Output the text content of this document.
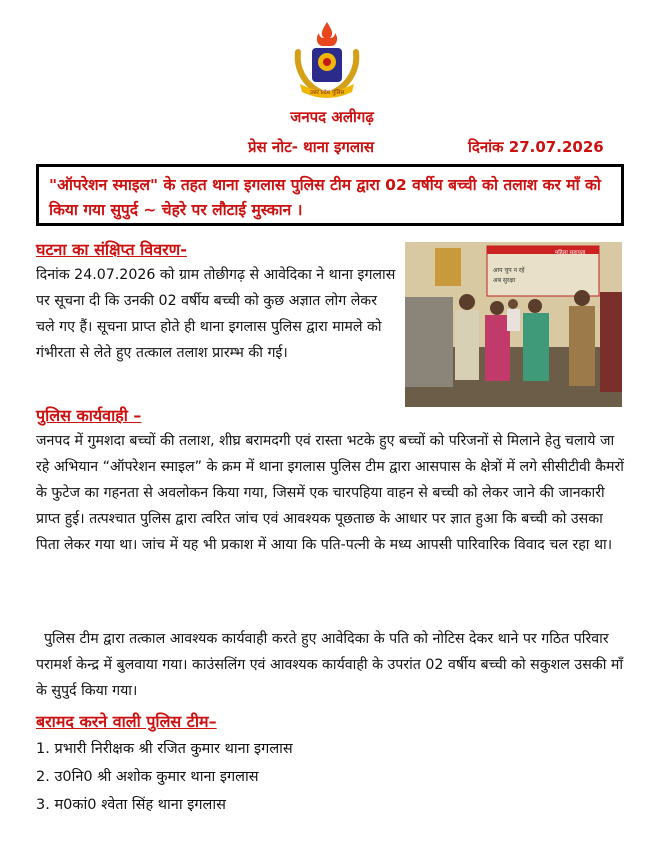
उत्तर प्रदेश पुलिस
जनपद अलीगढ़
प्रेस नोट- थाना इगलास	दिनांक 27.07.2026
"ऑपरेशन स्माइल" के तहत थाना इगलास पुलिस टीम द्वारा 02 वर्षीय बच्ची को तलाश कर माँ को किया गया सुपुर्द ~ चेहरे पर लौटाई मुस्कान ।
घटना का संक्षिप्त विवरण-
दिनांक 24.07.2026 को ग्राम तोछीगढ़ से आवेदिका ने थाना इगलास पर सूचना दी कि उनकी 02 वर्षीय बच्ची को कुछ अज्ञात लोग लेकर चले गए हैं। सूचना प्राप्त होते ही थाना इगलास पुलिस द्वारा मामले को गंभीरता से लेते हुए तत्काल तलाश प्रारम्भ की गई।
आप चुप न रहें
अब सुरक्षा
महिला सहायता
पुलिस कार्यवाही –
जनपद में गुमशदा बच्चों की तलाश, शीघ्र बरामदगी एवं रास्ता भटके हुए बच्चों को परिजनों से मिलाने हेतु चलाये जा रहे अभियान “ऑपरेशन स्माइल” के क्रम में थाना इगलास पुलिस टीम द्वारा आसपास के क्षेत्रों में लगे सीसीटीवी कैमरों के फुटेज का गहनता से अवलोकन किया गया, जिसमें एक चारपहिया वाहन से बच्ची को लेकर जाने की जानकारी प्राप्त हुई। तत्पश्चात पुलिस द्वारा त्वरित जांच एवं आवश्यक पूछताछ के आधार पर ज्ञात हुआ कि बच्ची को उसका पिता लेकर गया था। जांच में यह भी प्रकाश में आया कि पति-पत्नी के मध्य आपसी पारिवारिक विवाद चल रहा था।
पुलिस टीम द्वारा तत्काल आवश्यक कार्यवाही करते हुए आवेदिका के पति को नोटिस देकर थाने पर गठित परिवार परामर्श केन्द्र में बुलवाया गया। काउंसलिंग एवं आवश्यक कार्यवाही के उपरांत 02 वर्षीय बच्ची को सकुशल उसकी माँ के सुपुर्द किया गया।
बरामद करने वाली पुलिस टीम–
1. प्रभारी निरीक्षक श्री रजित कुमार थाना इगलास
2. उ0नि0 श्री अशोक कुमार थाना इगलास
3. म0कां0 श्वेता सिंह थाना इगलास
